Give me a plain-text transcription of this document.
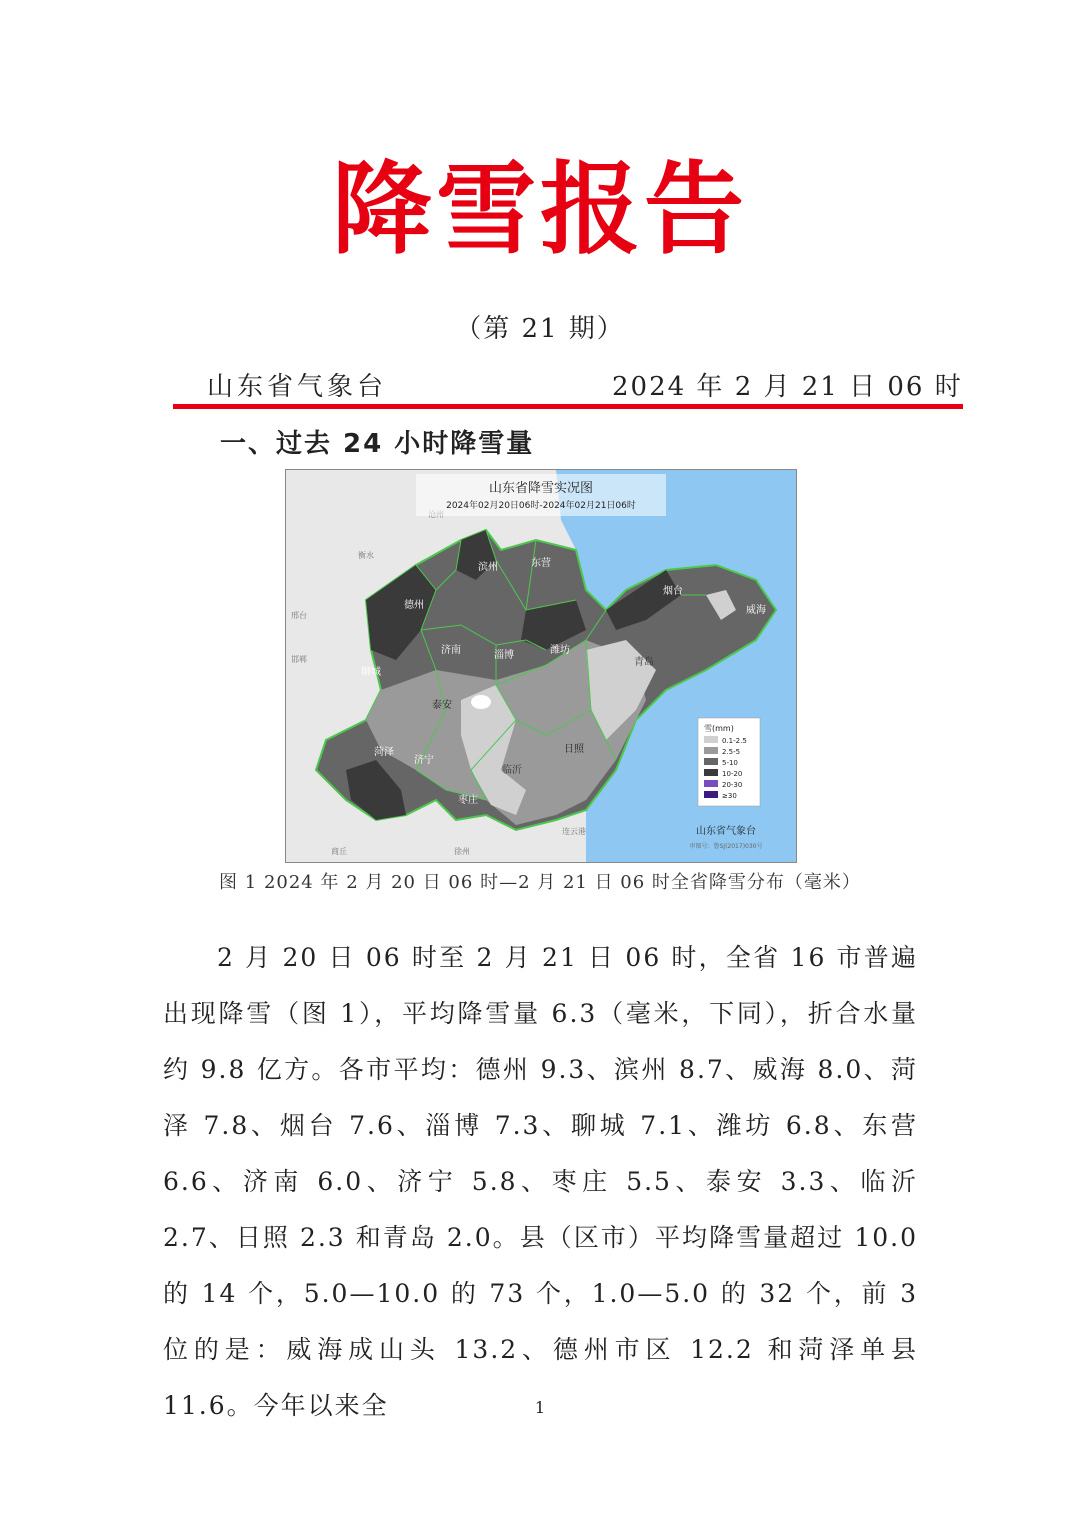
降雪报告
（第 21 期）
山东省气象台	2024 年 2 月 21 日 06 时
一、过去 24 小时降雪量
衡水
邢台
邯郸
商丘	徐州
连云港
德州
滨州	东营
烟台
威海
聊城
济南	淄博	潍坊
青岛
泰安
日照
济宁
菏泽
临沂
枣庄
山东省降雪实况图
2024年02月20日06时-2024年02月21日06时
雪(mm)
0.1-2.5
2.5-5
5-10
10-20
20-30
≥30
山东省气象台
审图号：鲁SJ(2017)030号
图 1 2024 年 2 月 20 日 06 时—2 月 21 日 06 时全省降雪分布（毫米）

  2 月 20 日 06 时至 2 月 21 日 06 时，全省 16 市普遍出现降雪（图 1），平均降雪量 6.3（毫米，下同），折合水量约 9.8 亿方。各市平均：德州 9.3、滨州 8.7、威海 8.0、菏泽 7.8、烟台 7.6、淄博 7.3、聊城 7.1、潍坊 6.8、东营 6.6、济南 6.0、济宁 5.8、枣庄 5.5、泰安 3.3、临沂 2.7、日照 2.3 和青岛 2.0。县（区市）平均降雪量超过 10.0 的 14 个，5.0—10.0 的 73 个，1.0—5.0 的 32 个，前 3 位的是：威海成山头 13.2、德州市区 12.2 和菏泽单县 11.6。今年以来全	1
